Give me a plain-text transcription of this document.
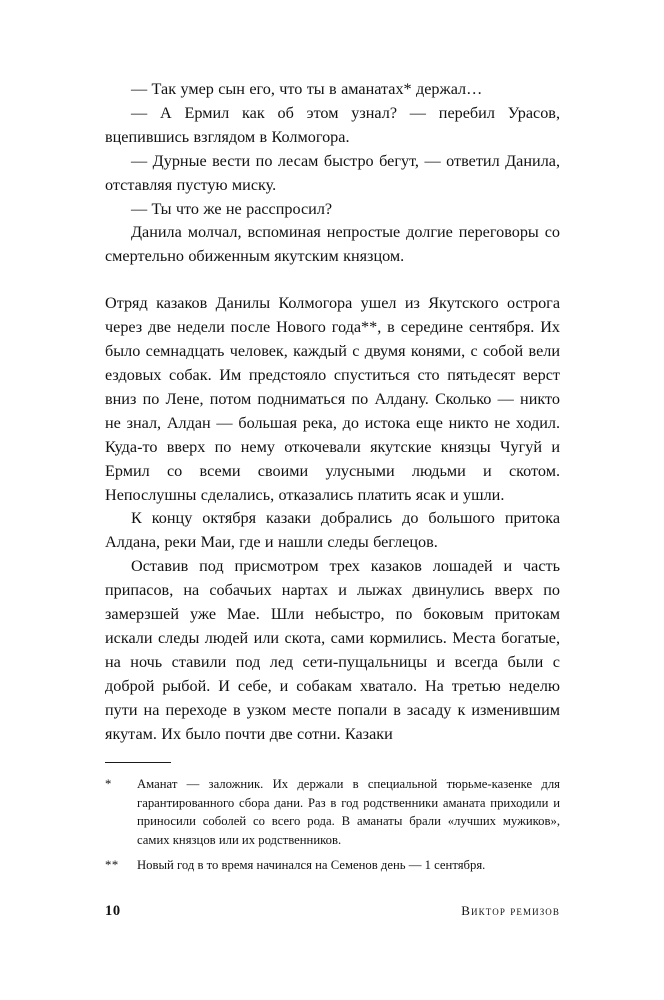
— Так умер сын его, что ты в аманатах* держал…

— А Ермил как об этом узнал? — перебил Урасов, вцепившись взглядом в Колмогора.

— Дурные вести по лесам быстро бегут, — ответил Данила, отставляя пустую миску.

— Ты что же не расспросил?

Данила молчал, вспоминая непростые долгие переговоры со смертельно обиженным якутским князцом.

Отряд казаков Данилы Колмогора ушел из Якутского острога через две недели после Нового года**, в середине сентября. Их было семнадцать человек, каждый с двумя конями, с собой вели ездовых собак. Им предстояло спуститься сто пятьдесят верст вниз по Лене, потом подниматься по Алдану. Сколько — никто не знал, Алдан — большая река, до истока еще никто не ходил. Куда-то вверх по нему откочевали якутские князцы Чугуй и Ермил со всеми своими улусными людьми и скотом. Непослушны сделались, отказались платить ясак и ушли.

К концу октября казаки добрались до большого притока Алдана, реки Маи, где и нашли следы беглецов.

Оставив под присмотром трех казаков лошадей и часть припасов, на собачьих нартах и лыжах двинулись вверх по замерзшей уже Мае. Шли небыстро, по боковым притокам искали следы людей или скота, сами кормились. Места богатые, на ночь ставили под лед сети-пущальницы и всегда были с доброй рыбой. И себе, и собакам хватало. На третью неделю пути на переходе в узком месте попали в засаду к изменившим якутам. Их было почти две сотни. Казаки

*	Аманат — заложник. Их держали в специальной тюрьме-казенке для гарантированного сбора дани. Раз в год родственники аманата приходили и приносили соболей со всего рода. В аманаты брали «лучших мужиков», самих князцов или их родственников.
**	Новый год в то время начинался на Семенов день — 1 сентября.
10	виктор ремизов
